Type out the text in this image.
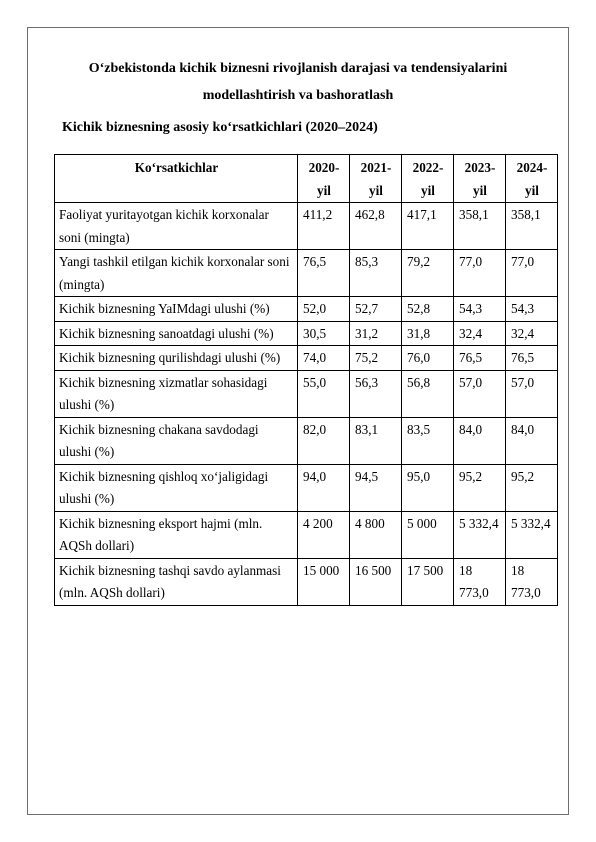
O‘zbekistonda kichik biznesni rivojlanish darajasi va tendensiyalarini modellashtirish va bashoratlash
Kichik biznesning asosiy ko‘rsatkichlari (2020–2024)
Ko‘rsatkichlar	2020-yil	2021-yil	2022-yil	2023-yil	2024-yil
Faoliyat yuritayotgan kichik korxonalar soni (mingta)	411,2	462,8	417,1	358,1	358,1
Yangi tashkil etilgan kichik korxonalar soni (mingta)	76,5	85,3	79,2	77,0	77,0
Kichik biznesning YaIMdagi ulushi (%)	52,0	52,7	52,8	54,3	54,3
Kichik biznesning sanoatdagi ulushi (%)	30,5	31,2	31,8	32,4	32,4
Kichik biznesning qurilishdagi ulushi (%)	74,0	75,2	76,0	76,5	76,5
Kichik biznesning xizmatlar sohasidagi ulushi (%)	55,0	56,3	56,8	57,0	57,0
Kichik biznesning chakana savdodagi ulushi (%)	82,0	83,1	83,5	84,0	84,0
Kichik biznesning qishloq xo‘jaligidagi ulushi (%)	94,0	94,5	95,0	95,2	95,2
Kichik biznesning eksport hajmi (mln. AQSh dollari)	4 200	4 800	5 000	5 332,4	5 332,4
Kichik biznesning tashqi savdo aylanmasi (mln. AQSh dollari)	15 000	16 500	17 500	18 773,0	18 773,0
